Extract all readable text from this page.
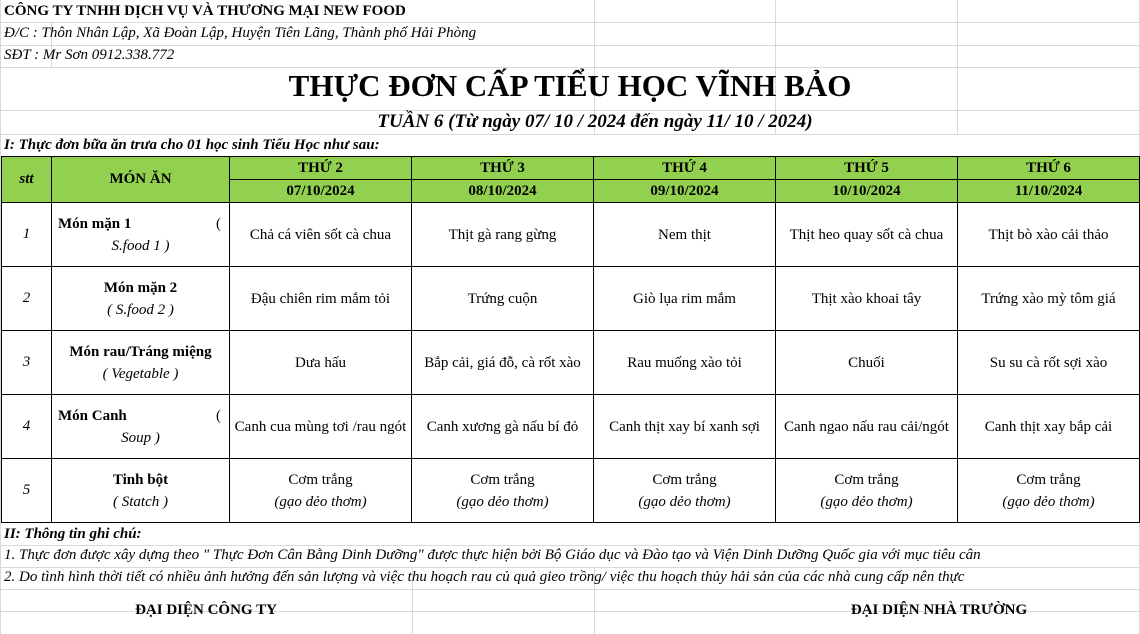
CÔNG TY TNHH DỊCH VỤ VÀ THƯƠNG MẠI NEW FOOD
Đ/C : Thôn Nhân Lập, Xã Đoàn Lập, Huyện Tiên Lãng, Thành phố Hải Phòng
SĐT : Mr Sơn 0912.338.772
THỰC ĐƠN CẤP TIỂU HỌC VĨNH BẢO
TUẦN 6 (Từ ngày 07/ 10 / 2024 đến ngày 11/ 10 / 2024)
I: Thực đơn bữa ăn trưa cho 01 học sinh Tiểu Học như sau:
stt	MÓN ĂN	THỨ 2	THỨ 3	THỨ 4	THỨ 5	THỨ 6
		07/10/2024	08/10/2024	09/10/2024	10/10/2024	11/10/2024
1	Món mặn 1 (
S.food 1 )	Chả cá viên sốt cà chua	Thịt gà rang gừng	Nem thịt	Thịt heo quay sốt cà chua	Thịt bò xào cải thảo

2	Món mặn 2
( S.food 2 )	Đậu chiên rim mắm tỏi	Trứng cuộn	Giò lụa rim mắm	Thịt xào khoai tây	Trứng xào mỳ tôm giá

3	Món rau/Tráng miệng
( Vegetable )	Dưa hấu	Bắp cải, giá đỗ, cà rốt xào	Rau muống xào tỏi	Chuối	Su su cà rốt sợi xào

4	Món Canh (
Soup )	Canh cua mùng tơi /rau ngót	Canh xương gà nấu bí đỏ	Canh thịt xay bí xanh sợi	Canh ngao nấu rau cải/ngót	Canh thịt xay bắp cải

5	Tinh bột
( Statch )	Cơm trắng
(gạo dẻo thơm)	Cơm trắng
(gạo dẻo thơm)	Cơm trắng
(gạo dẻo thơm)	Cơm trắng
(gạo dẻo thơm)	Cơm trắng
(gạo dẻo thơm)
II: Thông tin ghi chú:
1. Thực đơn được xây dựng theo " Thực Đơn Cân Bằng Dinh Dưỡng" được thực hiện bởi Bộ Giáo dục và Đào tạo và Viện Dinh Dưỡng Quốc gia với mục tiêu cân
2. Do tình hình thời tiết có nhiều ảnh hưởng đến sản lượng và việc thu hoạch rau củ quả gieo trồng/ việc thu hoạch thủy hải sản của các nhà cung cấp nên thực
ĐẠI DIỆN CÔNG TY	ĐẠI DIỆN NHÀ TRƯỜNG
